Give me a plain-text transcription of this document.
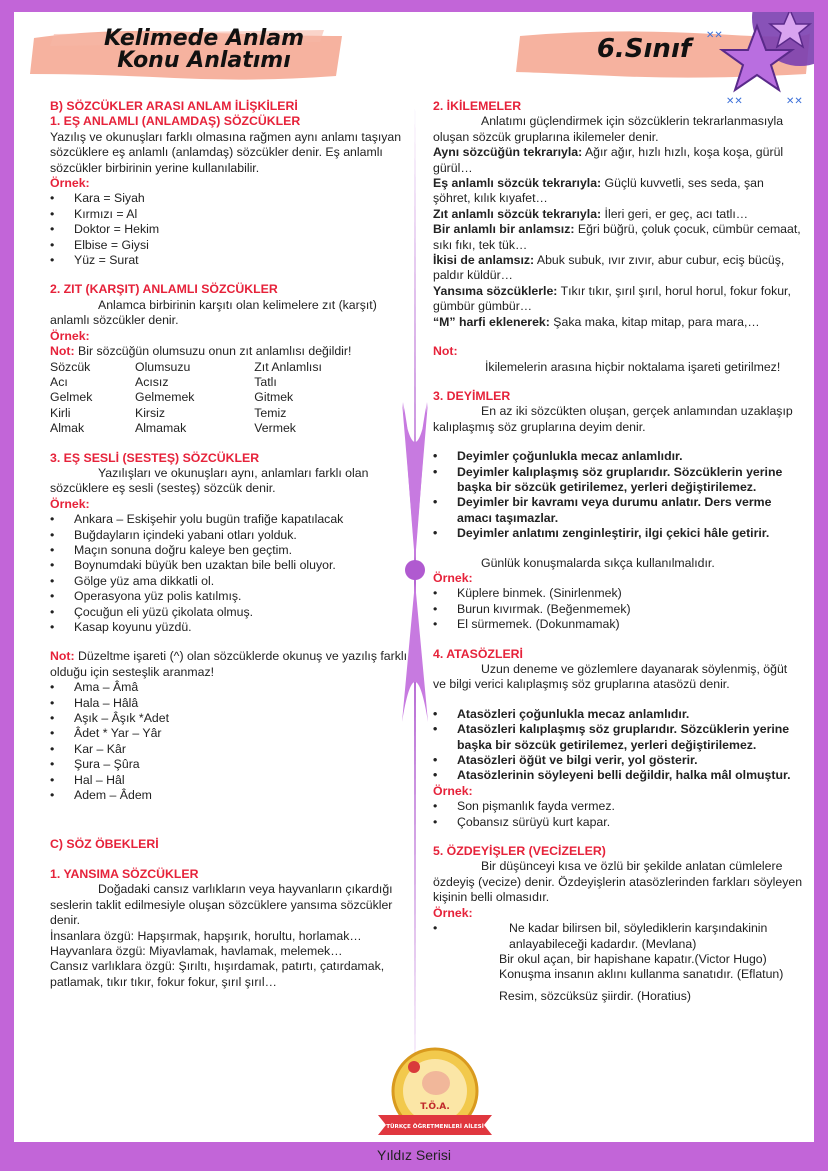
Kelimede Anlam
Konu Anlatımı	6.Sınıf	✕✕
✕✕	✕✕

B) SÖZCÜKLER ARASI ANLAM İLİŞKİLERİ

1. EŞ ANLAMLI (ANLAMDAŞ) SÖZCÜKLER

Yazılış ve okunuşları farklı olmasına rağmen aynı anlamı taşıyan sözcüklere eş anlamlı (anlamdaş) sözcükler denir. Eş anlamlı sözcükler birbirinin yerine kullanılabilir.

Örnek:

• Kara = Siyah
• Kırmızı = Al
• Doktor = Hekim
• Elbise = Giysi
• Yüz = Surat

2. ZIT (KARŞIT) ANLAMLI SÖZCÜKLER

Anlamca birbirinin karşıtı olan kelimelere zıt (karşıt) anlamlı sözcükler denir.

Örnek:

Not: Bir sözcüğün olumsuzu onun zıt anlamlısı değildir!

Sözcük	Olumsuzu	Zıt Anlamlısı
Acı	Acısız	Tatlı
Gelmek	Gelmemek	Gitmek
Kirli	Kirsiz	Temiz
Almak	Almamak	Vermek

3. EŞ SESLİ (SESTEŞ) SÖZCÜKLER

Yazılışları ve okunuşları aynı, anlamları farklı olan sözcüklere eş sesli (sesteş) sözcük denir.

Örnek:

• Ankara – Eskişehir yolu bugün trafiğe kapatılacak
• Buğdayların içindeki yabani otları yolduk.
• Maçın sonuna doğru kaleye ben geçtim.
• Boynumdaki büyük ben uzaktan bile belli oluyor.
• Gölge yüz ama dikkatli ol.
• Operasyona yüz polis katılmış.
• Çocuğun eli yüzü çikolata olmuş.
• Kasap koyunu yüzdü.

Not: Düzeltme işareti (^) olan sözcüklerde okunuş ve yazılış farklı olduğu için sesteşlik aranmaz!

• Ama – Âmâ
• Hala – Hâlâ
• Aşık – Âşık *Adet
• Âdet * Yar – Yâr
• Kar – Kâr
• Şura – Şûra
• Hal – Hâl
• Adem – Âdem

C) SÖZ ÖBEKLERİ

1. YANSIMA SÖZCÜKLER

Doğadaki cansız varlıkların veya hayvanların çıkardığı seslerin taklit edilmesiyle oluşan sözcüklere yansıma sözcükler denir.

İnsanlara özgü: Hapşırmak, hapşırık, horultu, horlamak…

Hayvanlara özgü: Miyavlamak, havlamak, melemek…

Cansız varlıklara özgü: Şırıltı, hışırdamak, patırtı, çatırdamak, patlamak, tıkır tıkır, fokur fokur, şırıl şırıl…

2. İKİLEMELER

Anlatımı güçlendirmek için sözcüklerin tekrarlanmasıyla oluşan sözcük gruplarına ikilemeler denir.

Aynı sözcüğün tekrarıyla: Ağır ağır, hızlı hızlı, koşa koşa, gürül gürül…

Eş anlamlı sözcük tekrarıyla: Güçlü kuvvetli, ses seda, şan şöhret, kılık kıyafet…

Zıt anlamlı sözcük tekrarıyla: İleri geri, er geç, acı tatlı…

Bir anlamlı bir anlamsız: Eğri büğrü, çoluk çocuk, cümbür cemaat, sıkı fıkı, tek tük…

İkisi de anlamsız: Abuk subuk, ıvır zıvır, abur cubur, eciş bücüş, paldır küldür…

Yansıma sözcüklerle: Tıkır tıkır, şırıl şırıl, horul horul, fokur fokur, gümbür gümbür…

“M” harfi eklenerek: Şaka maka, kitap mitap, para mara,…

Not:

İkilemelerin arasına hiçbir noktalama işareti getirilmez!

3. DEYİMLER

En az iki sözcükten oluşan, gerçek anlamından uzaklaşıp kalıplaşmış söz gruplarına deyim denir.

• Deyimler çoğunlukla mecaz anlamlıdır.
• Deyimler kalıplaşmış söz gruplarıdır. Sözcüklerin yerine başka bir sözcük getirilemez, yerleri değiştirilemez.
• Deyimler bir kavramı veya durumu anlatır. Ders verme amacı taşımazlar.
• Deyimler anlatımı zenginleştirir, ilgi çekici hâle getirir.

Günlük konuşmalarda sıkça kullanılmalıdır.

Örnek:

• Küplere binmek. (Sinirlenmek)
• Burun kıvırmak. (Beğenmemek)
• El sürmemek. (Dokunmamak)

4. ATASÖZLERİ

Uzun deneme ve gözlemlere dayanarak söylenmiş, öğüt ve bilgi verici kalıplaşmış söz gruplarına atasözü denir.

• Atasözleri çoğunlukla mecaz anlamlıdır.
• Atasözleri kalıplaşmış söz gruplarıdır. Sözcüklerin yerine başka bir sözcük getirilemez, yerleri değiştirilemez.
• Atasözleri öğüt ve bilgi verir, yol gösterir.
• Atasözlerinin söyleyeni belli değildir, halka mâl olmuştur.

Örnek:

• Son pişmanlık fayda vermez.
• Çobansız sürüyü kurt kapar.

5. ÖZDEYİŞLER (VECİZELER)

Bir düşünceyi kısa ve özlü bir şekilde anlatan cümlelere özdeyiş (vecize) denir. Özdeyişlerin atasözlerinden farkları söyleyen kişinin belli olmasıdır.

Örnek:

• Ne kadar bilirsen bil, söylediklerin karşındakinin anlayabileceği kadardır. (Mevlana)

Bir okul açan, bir hapishane kapatır.(Victor Hugo)

Konuşma insanın aklını kullanma sanatıdır. (Eflatun)

Resim, sözcüksüz şiirdir. (Horatius)

T.Ö.A.
TÜRKÇE ÖĞRETMENLERİ AİLESİ
Yıldız Serisi
